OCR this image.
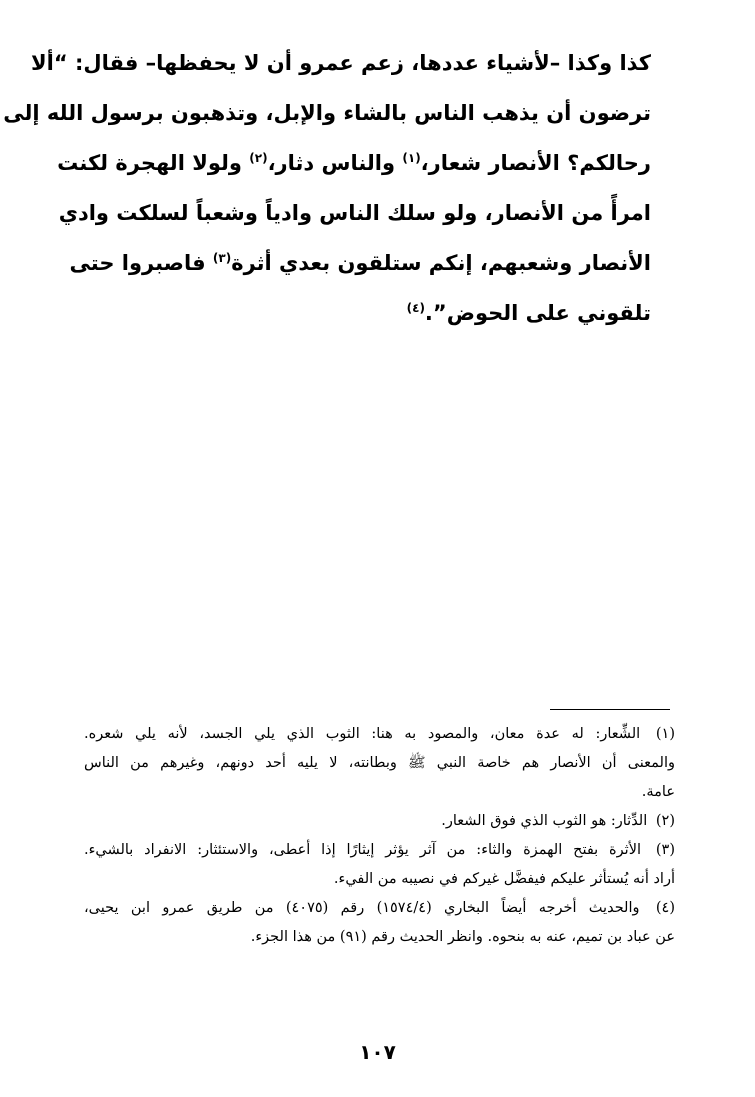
كذا وكذا –لأشياء عددها، زعم عمرو أن لا يحفظها– فقال: “ألا
ترضون أن يذهب الناس بالشاء والإبل، وتذهبون برسول الله إلى
رحالكم؟ الأنصار شعار،$^{(١)}$ والناس دثار،$^{(٢)}$ ولولا الهجرة لكنت
امرأً من الأنصار، ولو سلك الناس وادياً وشعباً لسلكت وادي
الأنصار وشعبهم، إنكم ستلقون بعدي أثرة$^{(٣)}$ فاصبروا حتى
تلقوني على الحوض”.$^{(٤)}$
(١) الشِّعار: له عدة معان، والمصود به هنا: الثوب الذي يلي الجسد، لأنه يلي شعره.
والمعنى أن الأنصار هم خاصة النبي ﷺ وبطانته، لا يليه أحد دونهم، وغيرهم من الناس
عامة.
(٢) الدِّثار: هو الثوب الذي فوق الشعار.
(٣) الأثرة بفتح الهمزة والثاء: من آثر يؤثر إيثارًا إذا أعطى، والاستئثار: الانفراد بالشيء.
أراد أنه يُستأثر عليكم فيفضَّل غيركم في نصيبه من الفيء.
(٤) والحديث أخرجه أيضاً البخاري (١٥٧٤/٤) رقم (٤٠٧٥) من طريق عمرو ابن يحيى،
عن عباد بن تميم، عنه به بنحوه. وانظر الحديث رقم (٩١) من هذا الجزء.
١٠٧
